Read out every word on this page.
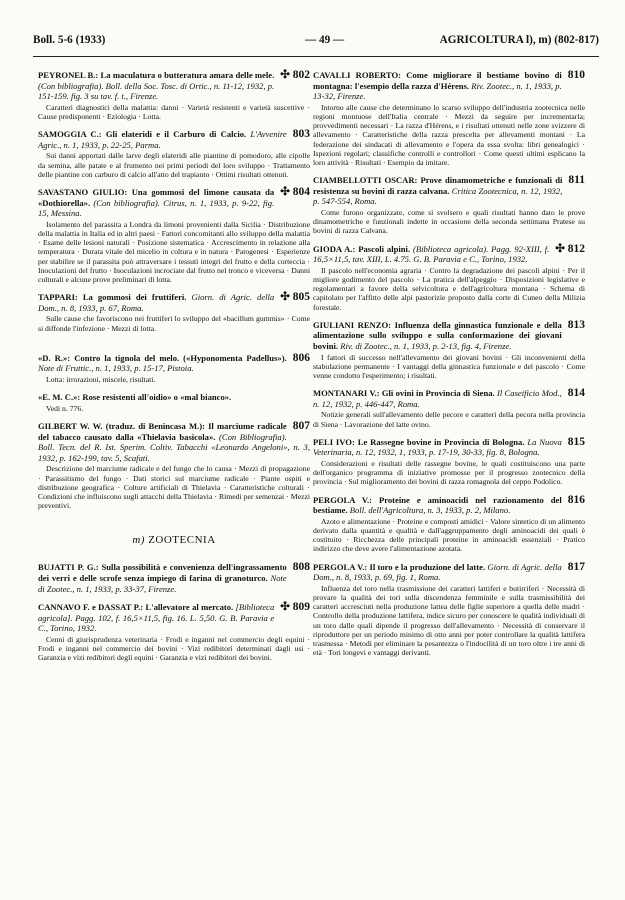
Boll. 5-6 (1933)	— 49 —	AGRICOLTURA l), m) (802-817)
✣ 802
PEYRONEL B.: La maculatura o butteratura amara delle mele. (Con bibliografia). Boll. della Soc. Tosc. di Ortic., n. 11-12, 1932, p. 151-159. fig. 3 su tav. f. t., Firenze.
Caratteri diagnostici della malattia: danni · Varietà resistenti e varietà suscettive · Cause predisponenti · Eziologia · Lotta.
803
SAMOGGIA C.: Gli elateridi e il Carburo di Calcio. L'Avvenire Agric., n. 1, 1933, p. 22-25, Parma.
Sui danni apportati dalle larve degli elateridi alle piantine di pomodoro, alle cipolle da semina, alle patate e al frumento nei primi periodi del loro sviluppo · Trattamento delle piantine con carburo di calcio all'atto del trapianto · Ottimi risultati ottenuti.
✣ 804
SAVASTANO GIULIO: Una gommosi del limone causata da «Dothiorella». (Con bibliografia). Citrus, n. 1, 1933, p. 9-22, fig. 15, Messina.
Isolamento del parassita a Londra da limoni provenienti dalla Sicilia · Distribuzione della malattia in Italia ed in altri paesi · Fattori concomitanti allo sviluppo della malattia · Esame delle lesioni naturali · Posizione sistematica · Accrescimento in relazione alla temperatura · Durata vitale del micelio in coltura e in natura · Patogenesi · Esperienze per stabilire se il parassita può attraversare i tessuti integri del frutto e della corteccia · Inoculazioni del frutto · Inoculazioni incrociate dal frutto nel tronco e viceversa · Danni culturali e alcune prove preliminari di lotta.
✣ 805
TAPPARI: La gommosi dei fruttiferi. Giorn. di Agric. della Dom., n. 8, 1933, p. 67, Roma.
Sulle cause che favoriscono nei fruttiferi lo sviluppo del «bacillum gummis» · Come si diffonde l'infezione · Mezzi di lotta.
806
«D. R.»: Contro la tignola del melo. («Hyponomenta Padellus»). Note di Fruttic., n. 1, 1933, p. 15-17, Pistoia.
Lotta: irrorazioni, miscele, risultati.
«E. M. C.»: Rose resistenti all'oidio» o «mal bianco».
Vedi n. 776.
807
GILBERT W. W. (traduz. di Benincasa M.): Il marciume radicale del tabacco causato dalla «Thielavia basicola». (Con Bibliografia). Boll. Tecn. del R. Ist. Sperim. Coltiv. Tabacchi «Leonardo Angeloni», n. 3, 1932, p. 162-199, tav. 5, Scafati.
Descrizione del marciume radicale e del fungo che lo causa · Mezzi di propagazione · Parassitismo del fungo · Dati storici sul marciume radicale · Piante ospiti e distribuzione geografica · Colture artificiali di Thielavia · Caratteristiche colturali · Condizioni che influiscono sugli attacchi della Thielavia · Rimedi per semenzai · Mezzi preventivi.
m) ZOOTECNIA
808
BUJATTI P. G.: Sulla possibilità e convenienza dell'ingrassamento dei verri e delle scrofe senza impiego di farina di granoturco. Note di Zootec., n. 1, 1933, p. 33-37, Firenze.
✣ 809
CANNAVO F. e DASSAT P.: L'allevatore al mercato. [Biblioteca agricola]. Pagg. 102, f. 16,5×11,5, fig. 16. L. 5,50. G. B. Paravia e C., Torino, 1932.
Cenni di giurisprudenza veterinaria · Frodi e inganni nel commercio degli equini · Frodi e inganni nel commercio dei bovini · Vizi redibitori determinati dagli usi · Garanzia e vizi redibitori degli equini · Garanzia e vizi redibitori dei bovini.
810
CAVALLI ROBERTO: Come migliorare il bestiame bovino di montagna: l'esempio della razza d'Hérens. Riv. Zootec., n. 1, 1933, p. 13-32, Firenze.
Intorno alle cause che determinano lo scarso sviluppo dell'industria zootecnica nelle regioni montuose dell'Italia centrale · Mezzi da seguire per incrementarla; provvedimenti necessari · La razza d'Hérens, e i risultati ottenuti nelle zone svizzere di allevamento · Caratteristiche della razza prescelta per allevamenti montani · La federazione dei sindacati di allevamento e l'opera da essa svolta: libri genealogici · Ispezioni regolari; classifiche controlli e controllori · Come questi ultimi esplicano la loro attività · Risultati · Esempio da imitare.
811
CIAMBELLOTTI OSCAR: Prove dinamometriche e funzionali di resistenza su bovini di razza calvana. Critica Zootecnica, n. 12, 1932, p. 547-554, Roma.
Come furono organizzate, come si svolsero e quali risultati hanno dato le prove dinamometriche e funzionali indette in occasione della seconda settimana Pratese su bovini di razza Calvana.
✣ 812
GIODA A.: Pascoli alpini. (Biblioteca agricola). Pagg. 92-XIII, f. 16,5×11,5, tav. XIII, L. 4.75. G. B. Paravia e C., Torino, 1932.
Il pascolo nell'economia agraria · Contro la degradazione dei pascoli alpini · Per il migliore godimento del pascolo · La pratica dell'alpeggio · Disposizioni legislative e regolamentari a favore della selvicoltura e dell'agricoltura montana · Schema di capitolato per l'affitto delle alpi pastorizie proposto dalla corte di Cuneo della Milizia forestale.
813
GIULIANI RENZO: Influenza della ginnastica funzionale e della alimentazione sullo sviluppo e sulla conformazione dei giovani bovini. Riv. di Zootec., n. 1, 1933, p. 2-13, fig. 4, Firenze.
I fattori di successo nell'allevamento dei giovani bovini · Gli inconvenienti della stabulazione permanente · I vantaggi della ginnastica funzionale e del pascolo · Come venne condotto l'esperimento; i risultati.
814
MONTANARI V.: Gli ovini in Provincia di Siena. Il Caseificio Mod., n. 12, 1932, p. 446-447, Roma.
Notizie generali sull'allevamento delle pecore e caratteri della pecora nella provincia di Siena · Lavorazione del latte ovino.
815
PELI IVO: Le Rassegne bovine in Provincia di Bologna. La Nuova Veterinaria, n. 12, 1932, 1, 1933, p. 17-19, 30-33, fig. 8, Bologna.
Considerazioni e risultati delle rassegne bovine, le quali costituiscono una parte dell'organico programma di iniziative promosse per il progresso zootecnico della provincia · Sul miglioramento dei bovini di razza romagnola del ceppo Podolico.
816
PERGOLA V.: Proteine e aminoacidi nel razionamento del bestiame. Boll. dell'Agricoltura, n. 3, 1933, p. 2, Milano.
Azoto e alimentazione · Proteine e composti amidici · Valore sintetico di un alimento derivato dalla quantità e qualità e dall'aggruppamento degli aminoacidi dei quali è costituito · Ricchezza delle principali proteine in aminoacidi essenziali · Pratico indirizzo che deve avere l'alimentazione azotata.
817
PERGOLA V.: Il toro e la produzione del latte. Giorn. di Agric. della Dom., n. 8, 1933, p. 69, fig. 1, Roma.
Influenza del toro nella trasmissione dei caratteri lattiferi e butirriferi · Necessità di provare la qualità dei tori sulla discendenza femminile e sulla trasmissibilità dei caratteri accresciuti nella produzione lattea delle figlie superiore a quella delle madri · Controllo della produzione lattifera, indice sicuro per conoscere le qualità individuali di un toro dalle quali dipende il progresso dell'allevamento · Necessità di conservare il riproduttore per un periodo minimo di otto anni per poter controllare la qualità lattifera trasmessa · Metodi per eliminare la pesantezza o l'indocilità di un toro oltre i tre anni di età · Tori longevi e vantaggi derivanti.
